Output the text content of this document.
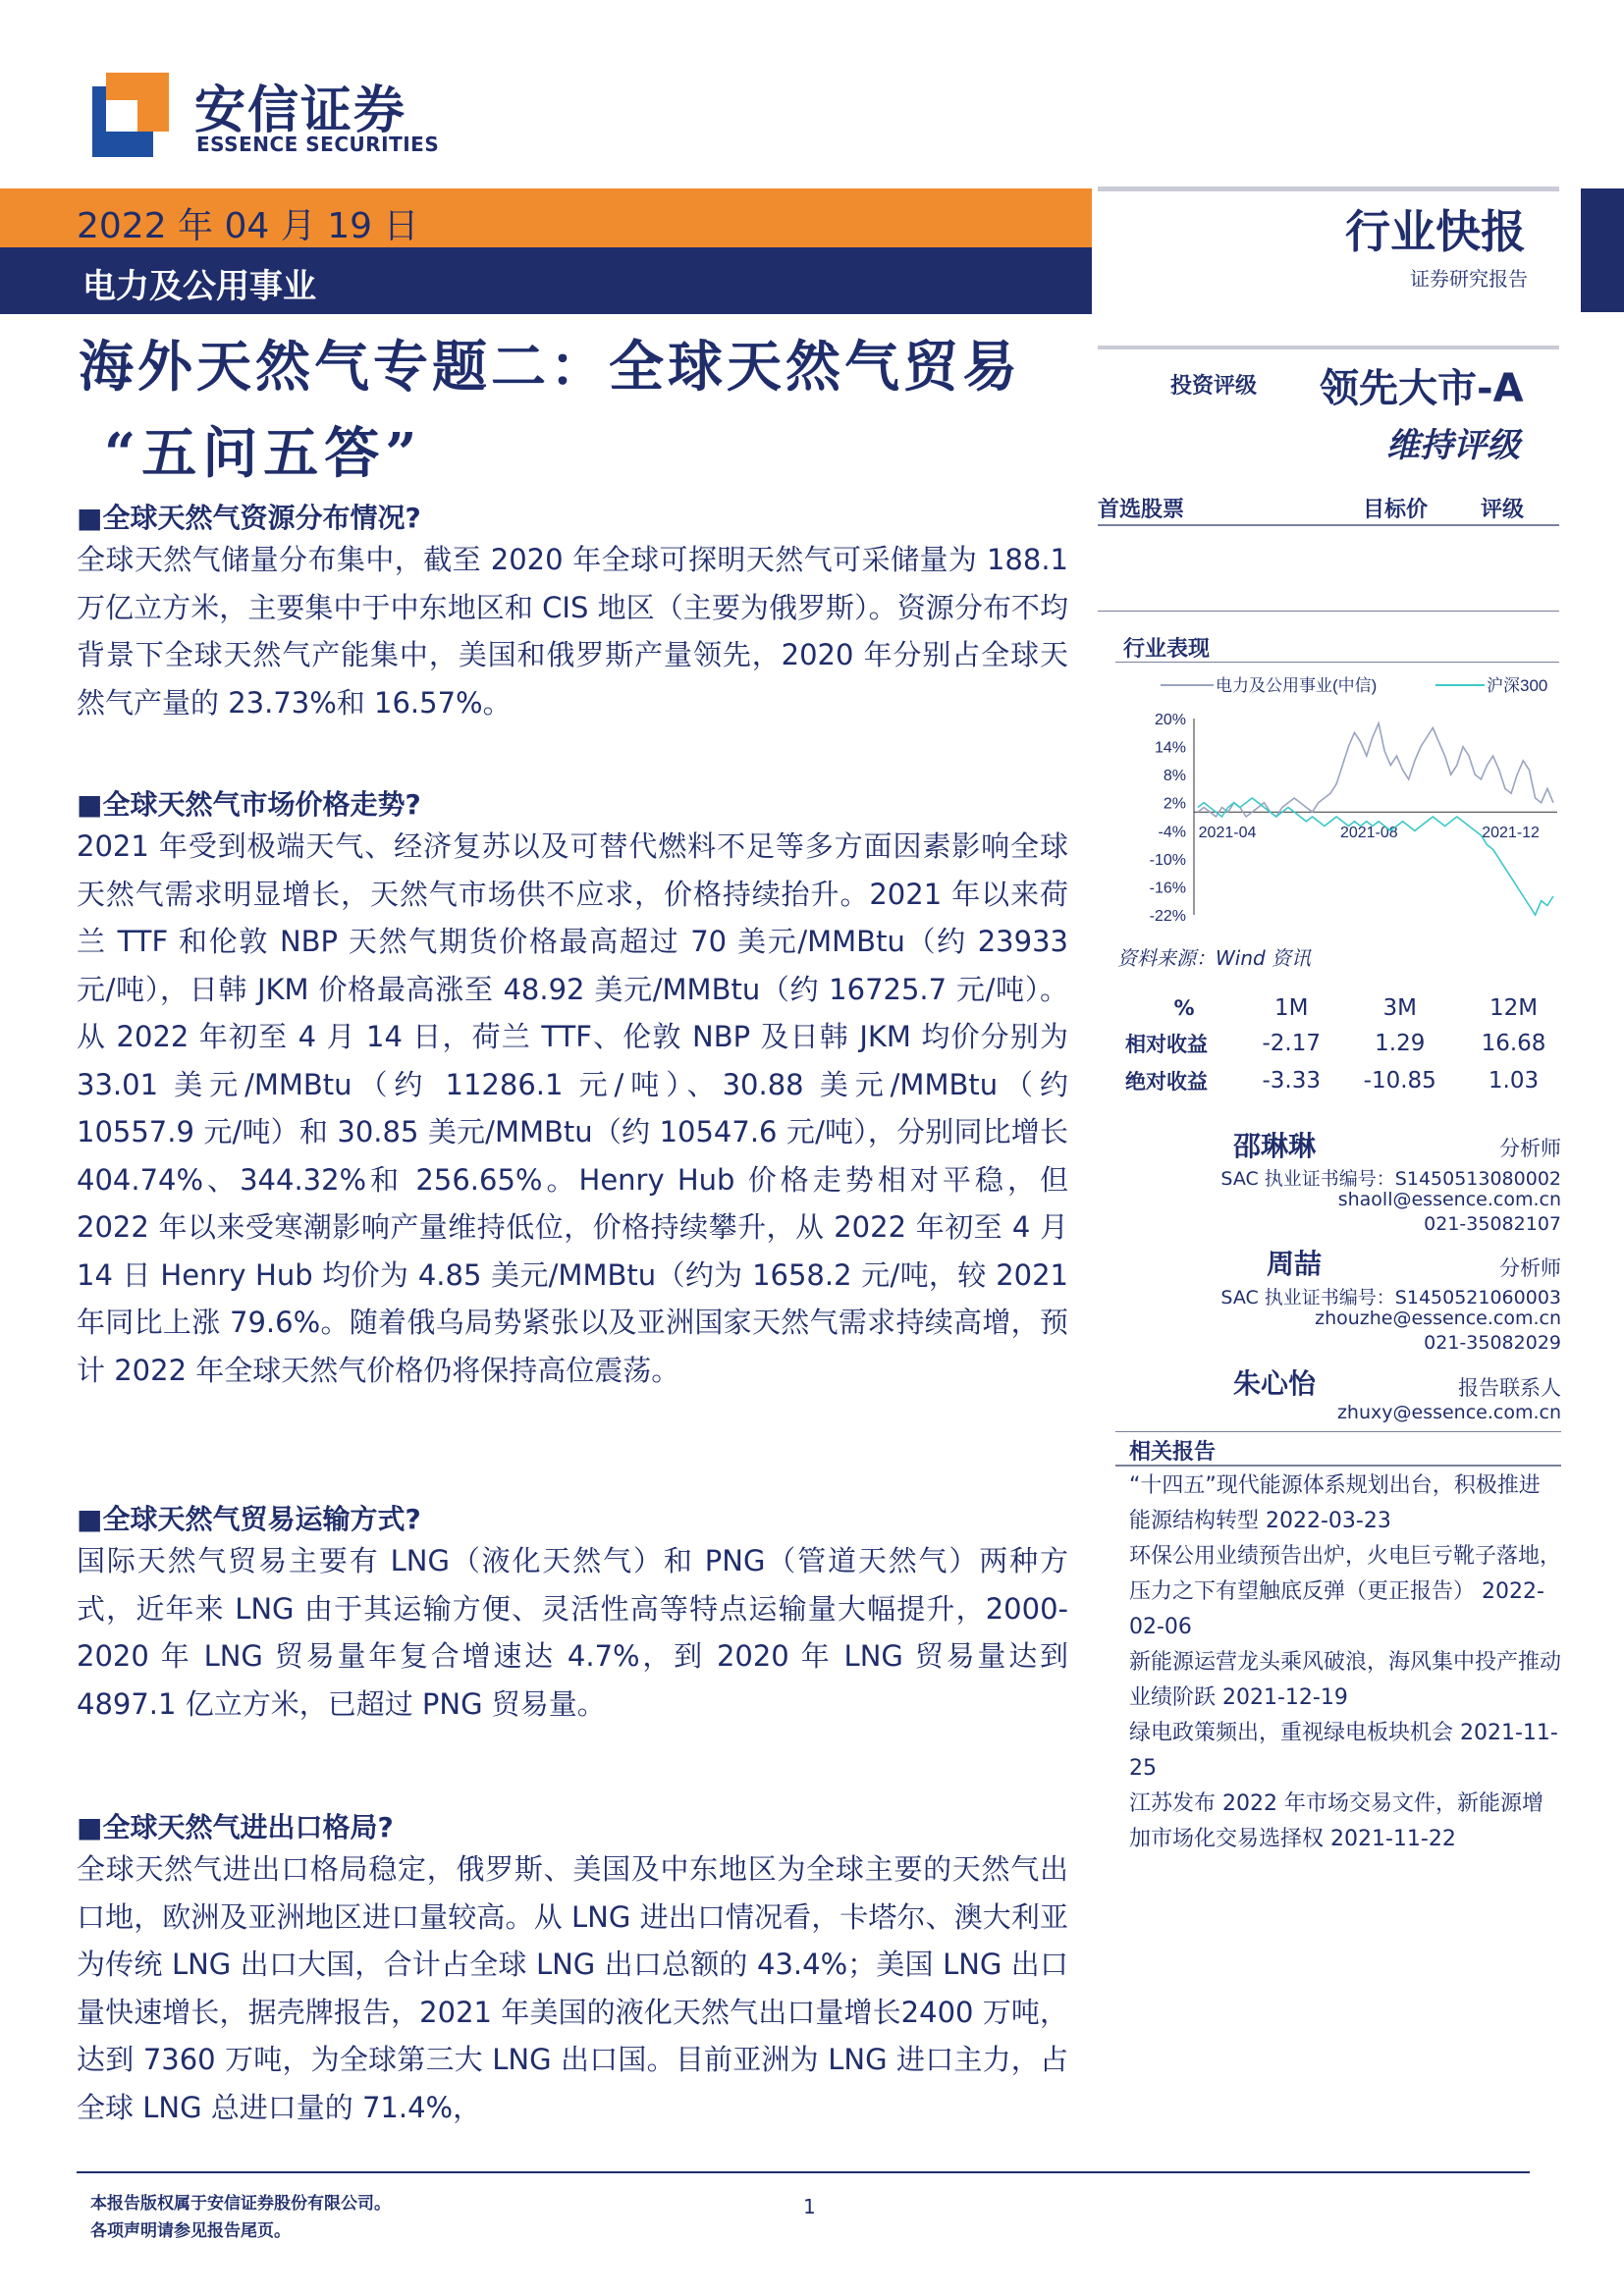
安信证券
ESSENCE SECURITIES
2022 年 04 月 19 日
电力及公用事业
行业快报
证券研究报告
海外天然气专题二：全球天然气贸易
“五问五答”
投资评级 领先大市-A
维持评级
首选股票	目标价 评级
■全球天然气资源分布情况?
全球天然气储量分布集中，截至 2020 年全球可探明天然气可采储量为 188.1 万亿立方米，主要集中于中东地区和 CIS 地区（主要为俄罗斯）。资源分布不均背景下全球天然气产能集中，美国和俄罗斯产量领先，2020 年分别占全球天然气产量的 23.73%和 16.57%。
■全球天然气市场价格走势?
2021 年受到极端天气、经济复苏以及可替代燃料不足等多方面因素影响全球天然气需求明显增长，天然气市场供不应求，价格持续抬升。2021 年以来荷兰 TTF 和伦敦 NBP 天然气期货价格最高超过 70 美元/MMBtu（约 23933 元/吨），日韩 JKM 价格最高涨至 48.92 美元/MMBtu（约 16725.7 元/吨）。从 2022 年初至 4 月 14 日，荷兰 TTF、伦敦 NBP 及日韩 JKM 均价分别为 33.01 美元/MMBtu（约 11286.1 元/吨）、30.88 美元/MMBtu（约 10557.9 元/吨）和 30.85 美元/MMBtu（约 10547.6 元/吨），分别同比增长 404.74%、344.32%和 256.65%。Henry Hub 价格走势相对平稳，但 2022 年以来受寒潮影响产量维持低位，价格持续攀升，从 2022 年初至 4 月 14 日 Henry Hub 均价为 4.85 美元/MMBtu（约为 1658.2 元/吨，较 2021 年同比上涨 79.6%。随着俄乌局势紧张以及亚洲国家天然气需求持续高增，预计 2022 年全球天然气价格仍将保持高位震荡。
■全球天然气贸易运输方式?
国际天然气贸易主要有 LNG（液化天然气）和 PNG（管道天然气）两种方式，近年来 LNG 由于其运输方便、灵活性高等特点运输量大幅提升，2000-2020 年 LNG 贸易量年复合增速达 4.7%，到 2020 年 LNG 贸易量达到 4897.1 亿立方米，已超过 PNG 贸易量。
■全球天然气进出口格局?
全球天然气进出口格局稳定，俄罗斯、美国及中东地区为全球主要的天然气出口地，欧洲及亚洲地区进口量较高。从 LNG 进出口情况看，卡塔尔、澳大利亚为传统 LNG 出口大国，合计占全球 LNG 出口总额的 43.4%；美国 LNG 出口量快速增长，据壳牌报告，2021 年美国的液化天然气出口量增长2400 万吨，达到 7360 万吨，为全球第三大 LNG 出口国。目前亚洲为 LNG 进口主力，占全球 LNG 总进口量的 71.4%，
行业表现
电力及公用事业(中信)	沪深300
20%
14%
8%
2%
-4%
-10%
-16%
-22%
2021-04	2021-08	2021-12
资料来源：Wind 资讯
%	1M	3M	12M
相对收益	-2.17	1.29	16.68
绝对收益	-3.33	-10.85	1.03
邵琳琳	分析师
SAC 执业证书编号：S1450513080002
shaoll@essence.com.cn
021-35082107
周喆	分析师
SAC 执业证书编号：S1450521060003
zhouzhe@essence.com.cn
021-35082029
朱心怡	报告联系人
zhuxy@essence.com.cn
相关报告
“十四五”现代能源体系规划出台，积极推进能源结构转型 2022-03-23
环保公用业绩预告出炉，火电巨亏靴子落地，压力之下有望触底反弹（更正报告） 2022-02-06
新能源运营龙头乘风破浪，海风集中投产推动业绩阶跃 2021-12-19
绿电政策频出，重视绿电板块机会 2021-11-25
江苏发布 2022 年市场交易文件，新能源增加市场化交易选择权 2021-11-22
本报告版权属于安信证券股份有限公司。
各项声明请参见报告尾页。
1
